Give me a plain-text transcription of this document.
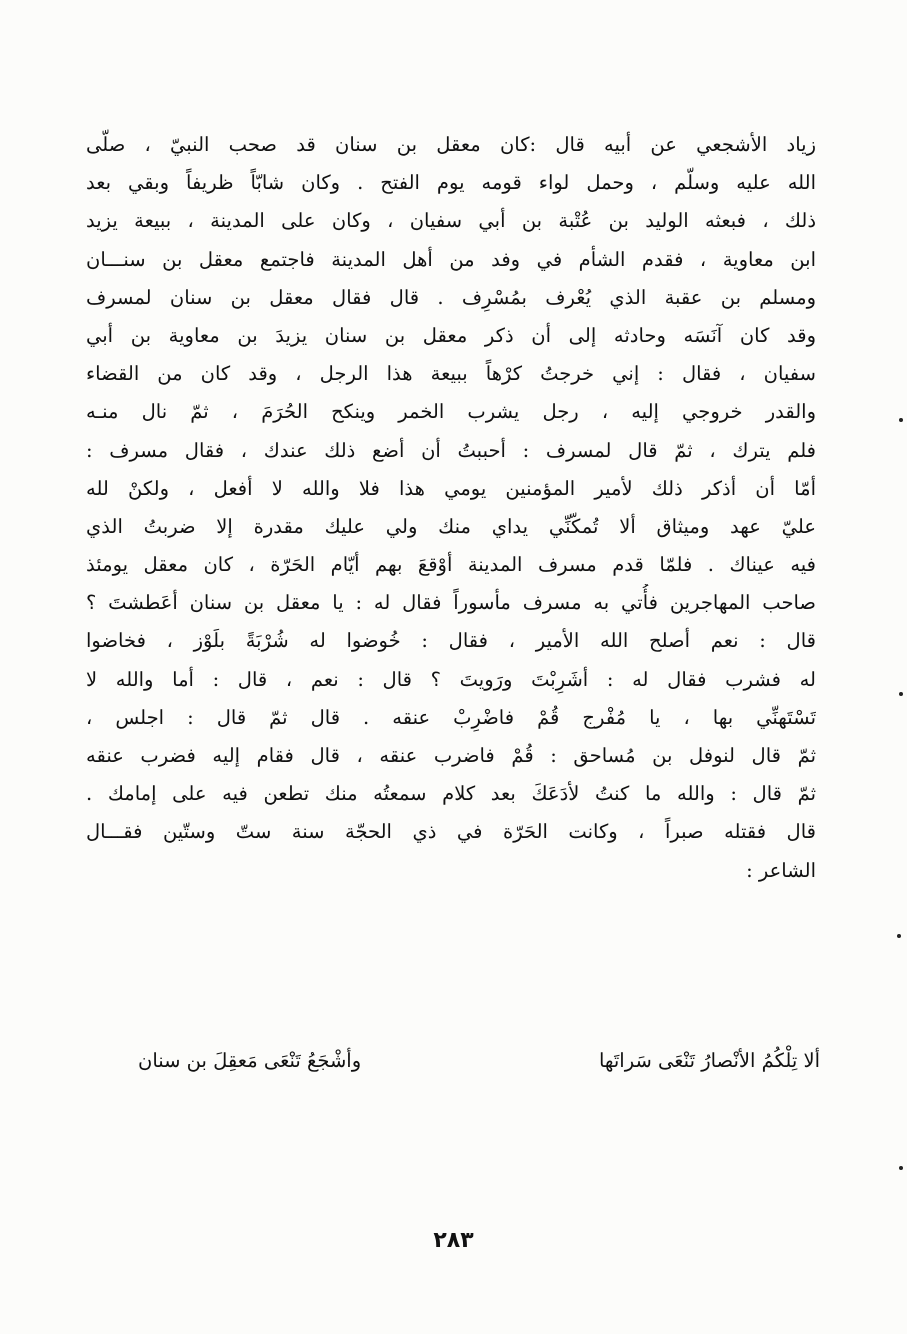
زياد الأشجعي عن أبيه قال :كان معقل بن سنان قد صحب النبيّ ، صلّى
الله عليه وسلّم ، وحمل لواء قومه يوم الفتح . وكان شابّاً ظريفاً وبقي بعد
ذلك ، فبعثه الوليد بن عُتْبة بن أبي سفيان ، وكان على المدينة ، ببيعة يزيد
ابن معاوية ، فقدم الشأم في وفد من أهل المدينة فاجتمع معقل بن سنـــان
ومسلم بن عقبة الذي يُعْرف بمُسْرِف . قال فقال معقل بن سنان لمسرف
وقد كان آنَسَه وحادثه إلى أن ذكر معقل بن سنان يزيدَ بن معاوية بن أبي
سفيان ، فقال : إني خرجتُ كرْهاً ببيعة هذا الرجل ، وقد كان من القضاء
والقدر خروجي إليه ، رجل يشرب الخمر وينكح الحُرَمَ ، ثمّ نال منـه
فلم يترك ، ثمّ قال لمسرف : أحببتُ أن أضع ذلك عندك ، فقال مسرف :
أمّا أن أذكر ذلك لأمير المؤمنين يومي هذا فلا والله لا أفعل ، ولكنْ لله
عليّ عهد وميثاق ألا تُمكّنِّي يداي منك ولي عليك مقدرة إلا ضربتُ الذي
فيه عيناك . فلمّا قدم مسرف المدينة أوْقعَ بهم أيّام الحَرّة ، كان معقل يومئذ
صاحب المهاجرين فأُتي به مسرف مأسوراً فقال له : يا معقل بن سنان أعَطشتَ ؟
قال : نعم أصلح الله الأمير ، فقال : خُوضوا له شُرْبَةً بلَوْز ، فخاضوا
له فشرب فقال له : أشَرِبْتَ ورَويتَ ؟ قال : نعم ، قال : أما والله لا
تَسْتَهنِّي بها ، يا مُفْرج قُمْ فاضْرِبْ عنقه . قال ثمّ قال : اجلس ،
ثمّ قال لنوفل بن مُساحق : قُمْ فاضرب عنقه ، قال فقام إليه فضرب عنقه
ثمّ قال : والله ما كنتُ لأدَعَكَ بعد كلام سمعتُه منك تطعن فيه على إمامك .
قال فقتله صبراً ، وكانت الحَرّة في ذي الحجّة سنة ستّ وستّين فقـــال
الشاعر :
ألا تِلْكُمُ الأنْصارُ تَنْعَى سَراتَها
وأشْجَعُ تَنْعَى مَعقِلَ بن سنان
٢٨٣
